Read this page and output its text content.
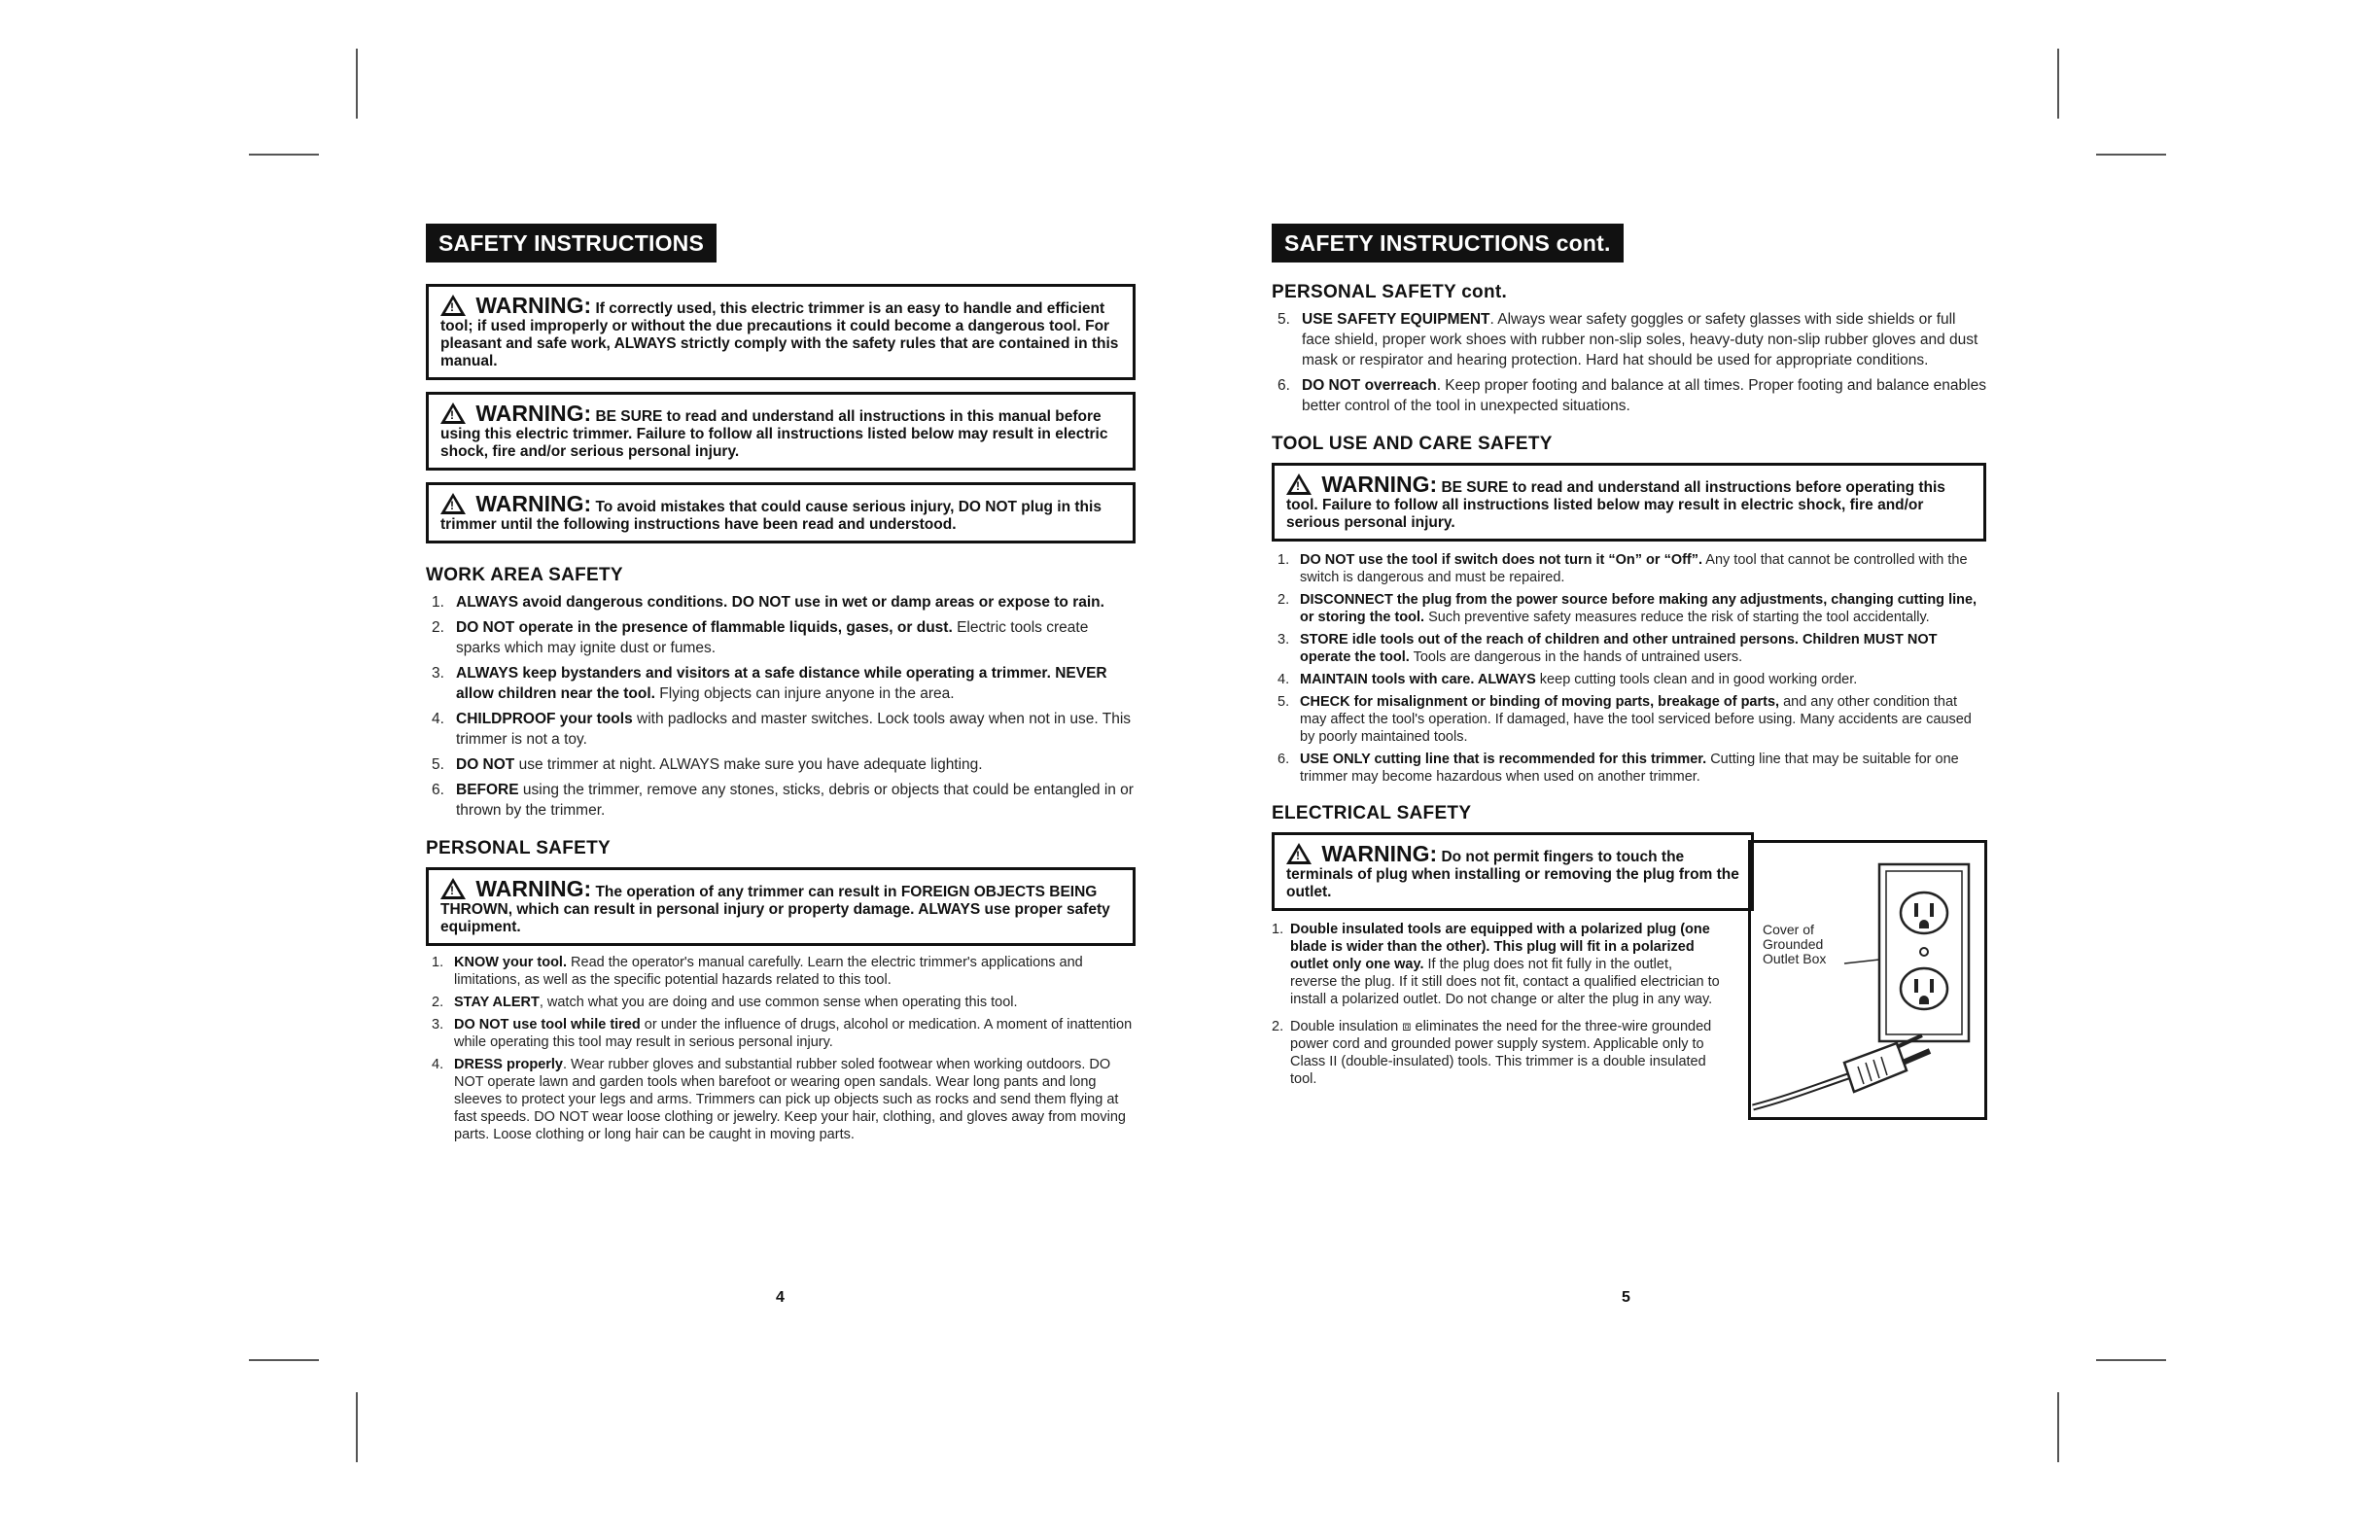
SAFETY INSTRUCTIONS
! WARNING: If correctly used, this electric trimmer is an easy to handle and efficient tool; if used improperly or without the due precautions it could become a dangerous tool. For pleasant and safe work, ALWAYS strictly comply with the safety rules that are contained in this manual.
! WARNING: BE SURE to read and understand all instructions in this manual before using this electric trimmer. Failure to follow all instructions listed below may result in electric shock, fire and/or serious personal injury.
! WARNING: To avoid mistakes that could cause serious injury, DO NOT plug in this trimmer until the following instructions have been read and understood.
WORK AREA SAFETY
1. ALWAYS avoid dangerous conditions. DO NOT use in wet or damp areas or expose to rain.
2. DO NOT operate in the presence of flammable liquids, gases, or dust. Electric tools create sparks which may ignite dust or fumes.
3. ALWAYS keep bystanders and visitors at a safe distance while operating a trimmer. NEVER allow children near the tool. Flying objects can injure anyone in the area.
4. CHILDPROOF your tools with padlocks and master switches. Lock tools away when not in use. This trimmer is not a toy.
5. DO NOT use trimmer at night. ALWAYS make sure you have adequate lighting.
6. BEFORE using the trimmer, remove any stones, sticks, debris or objects that could be entangled in or thrown by the trimmer.
PERSONAL SAFETY
! WARNING: The operation of any trimmer can result in FOREIGN OBJECTS BEING THROWN, which can result in personal injury or property damage. ALWAYS use proper safety equipment.
1. KNOW your tool. Read the operator's manual carefully. Learn the electric trimmer's applications and limitations, as well as the specific potential hazards related to this tool.
2. STAY ALERT, watch what you are doing and use common sense when operating this tool.
3. DO NOT use tool while tired or under the influence of drugs, alcohol or medication. A moment of inattention while operating this tool may result in serious personal injury.
4. DRESS properly. Wear rubber gloves and substantial rubber soled footwear when working outdoors. DO NOT operate lawn and garden tools when barefoot or wearing open sandals. Wear long pants and long sleeves to protect your legs and arms. Trimmers can pick up objects such as rocks and send them flying at fast speeds. DO NOT wear loose clothing or jewelry. Keep your hair, clothing, and gloves away from moving parts. Loose clothing or long hair can be caught in moving parts.
4
SAFETY INSTRUCTIONS cont.
PERSONAL SAFETY cont.
5. USE SAFETY EQUIPMENT. Always wear safety goggles or safety glasses with side shields or full face shield, proper work shoes with rubber non-slip soles, heavy-duty non-slip rubber gloves and dust mask or respirator and hearing protection. Hard hat should be used for appropriate conditions.
6. DO NOT overreach. Keep proper footing and balance at all times. Proper footing and balance enables better control of the tool in unexpected situations.
TOOL USE AND CARE SAFETY
! WARNING: BE SURE to read and understand all instructions before operating this tool. Failure to follow all instructions listed below may result in electric shock, fire and/or serious personal injury.
1. DO NOT use the tool if switch does not turn it “On” or “Off”. Any tool that cannot be controlled with the switch is dangerous and must be repaired.
2. DISCONNECT the plug from the power source before making any adjustments, changing cutting line, or storing the tool. Such preventive safety measures reduce the risk of starting the tool accidentally.
3. STORE idle tools out of the reach of children and other untrained persons. Children MUST NOT operate the tool. Tools are dangerous in the hands of untrained users.
4. MAINTAIN tools with care. ALWAYS keep cutting tools clean and in good working order.
5. CHECK for misalignment or binding of moving parts, breakage of parts, and any other condition that may affect the tool's operation. If damaged, have the tool serviced before using. Many accidents are caused by poorly maintained tools.
6. USE ONLY cutting line that is recommended for this trimmer. Cutting line that may be suitable for one trimmer may become hazardous when used on another trimmer.
ELECTRICAL SAFETY
! WARNING: Do not permit fingers to touch the terminals of plug when installing or removing the plug from the outlet.
1. Double insulated tools are equipped with a polarized plug (one blade is wider than the other). This plug will fit in a polarized outlet only one way. If the plug does not fit fully in the outlet, reverse the plug. If it still does not fit, contact a qualified electrician to install a polarized outlet. Do not change or alter the plug in any way.
2. Double insulation ⧈ eliminates the need for the three-wire grounded power cord and grounded power supply system. Applicable only to Class II (double-insulated) tools. This trimmer is a double insulated tool.
Cover of Grounded Outlet Box
5
